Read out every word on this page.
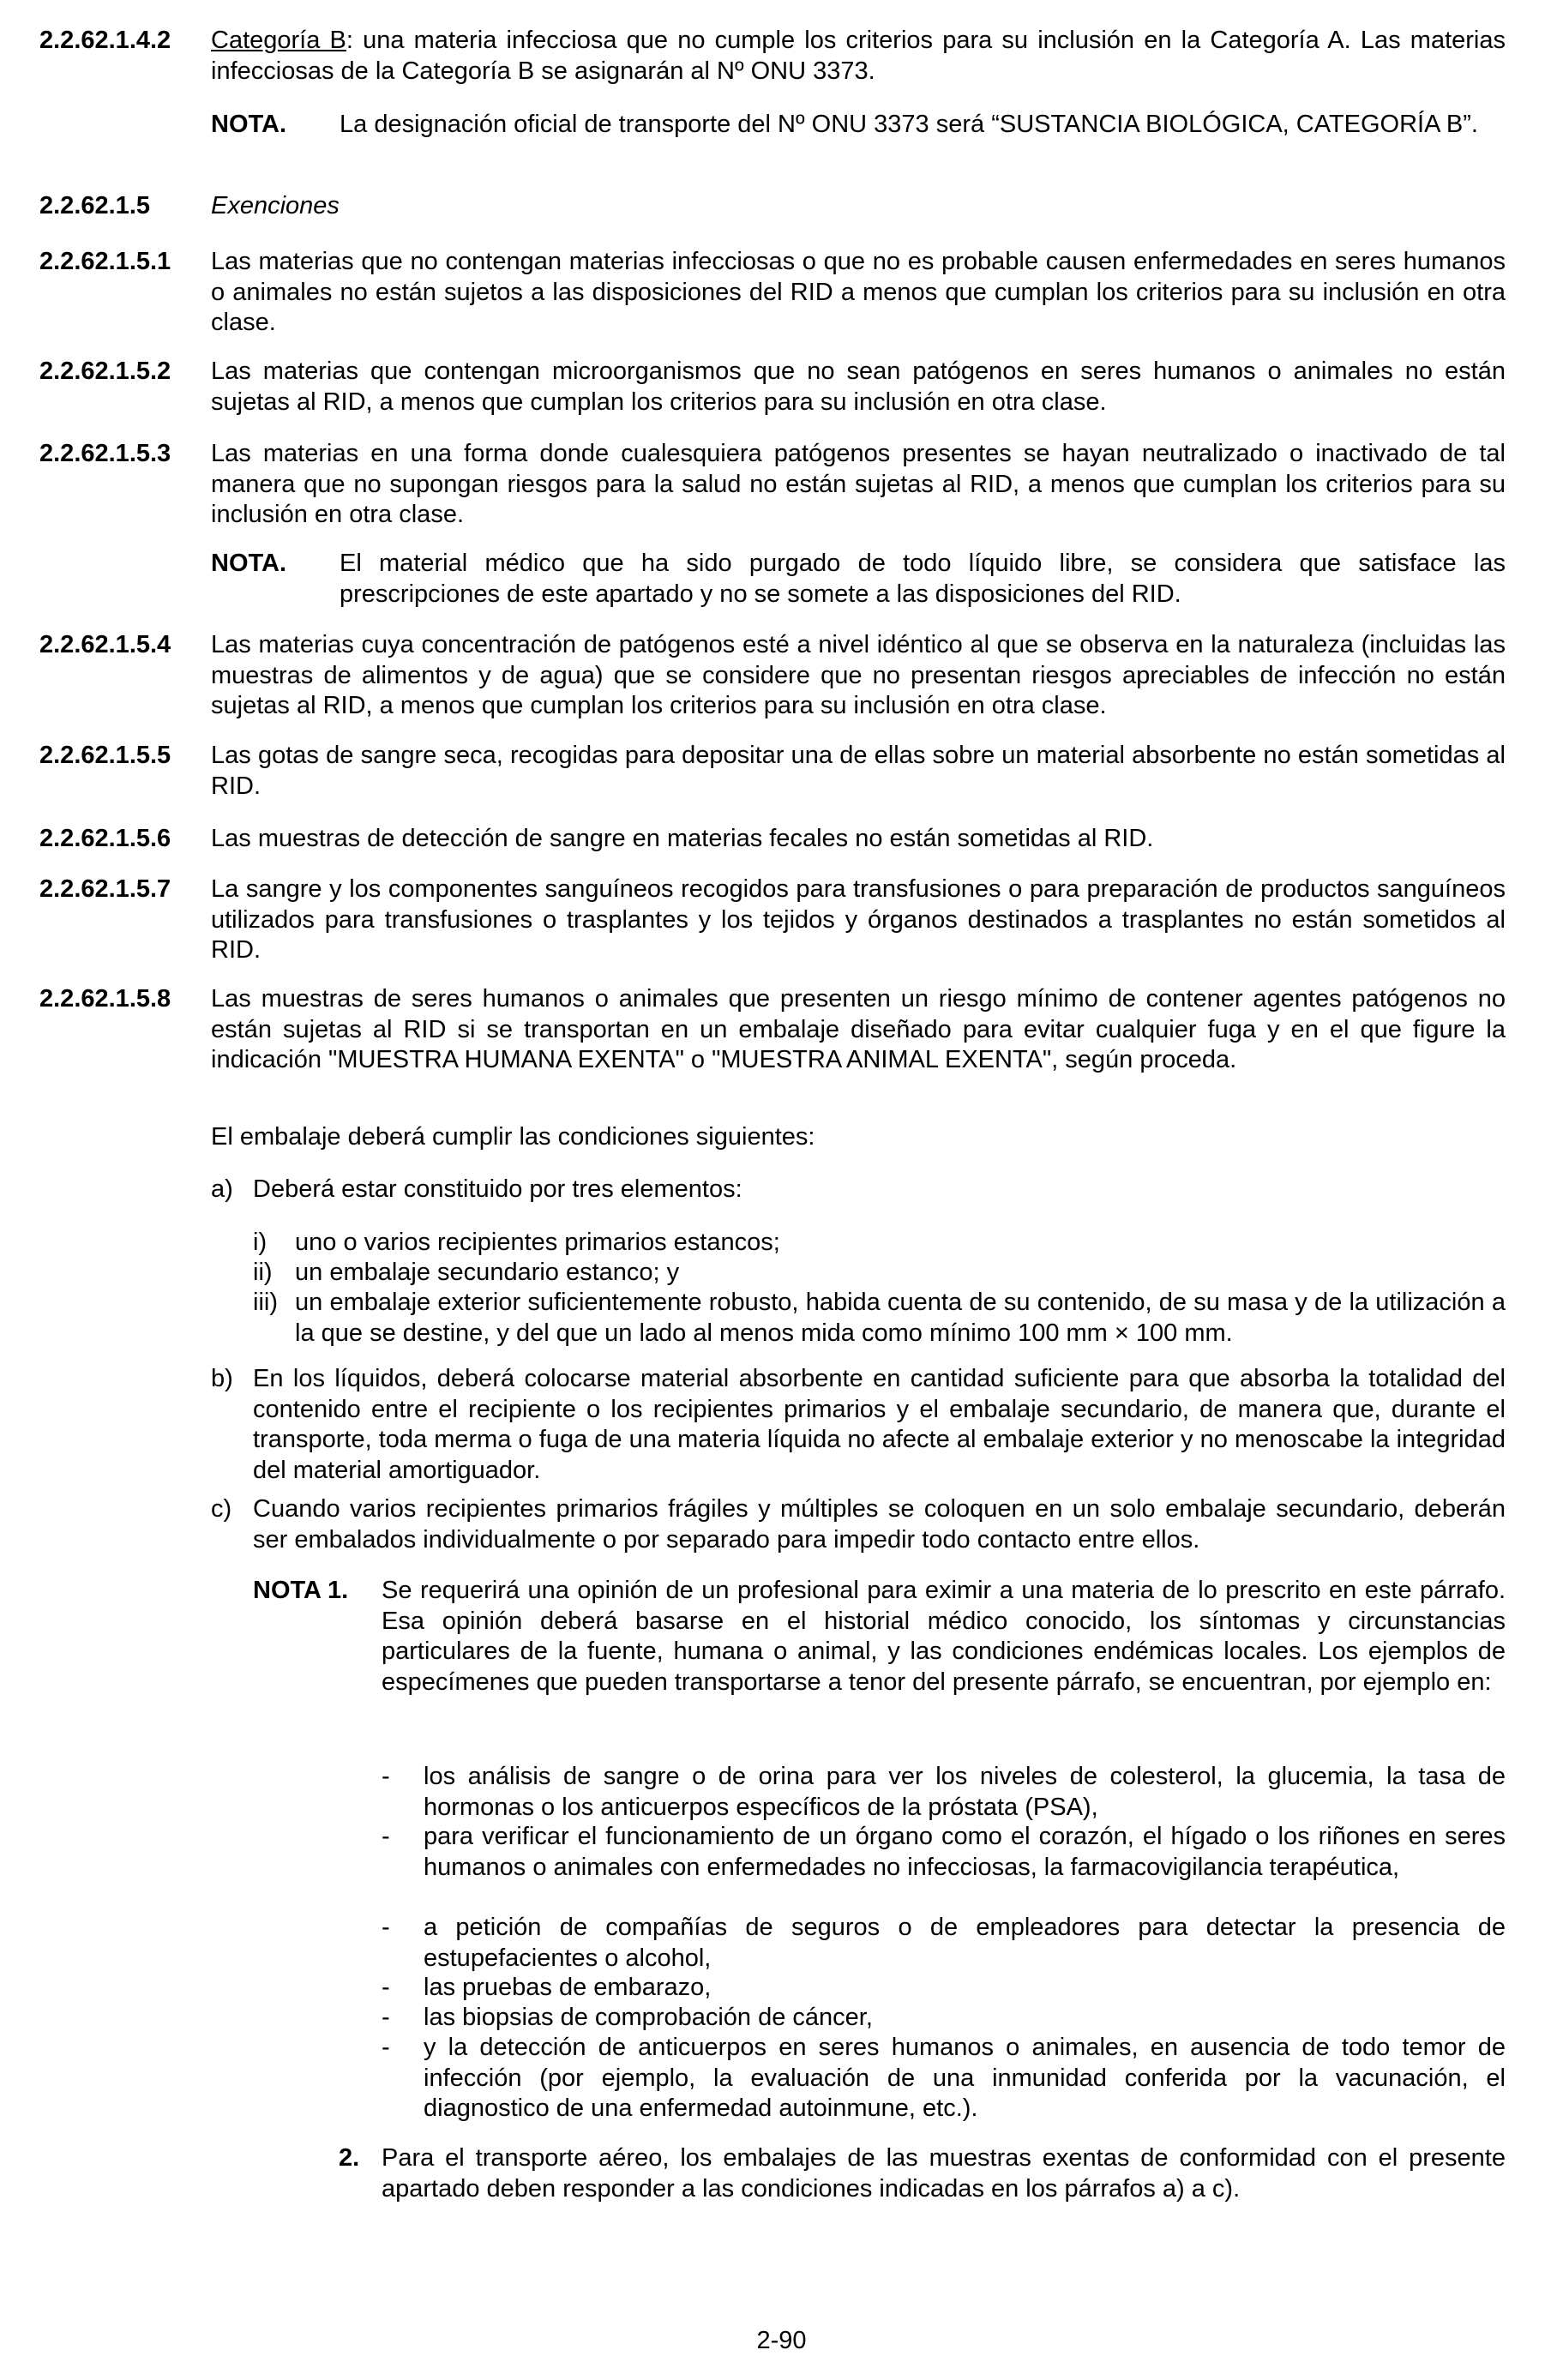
2.2.62.1.4.2 Categoría B: una materia infecciosa que no cumple los criterios para su inclusión en la Categoría A. Las materias infecciosas de la Categoría B se asignarán al Nº ONU 3373.
NOTA. La designación oficial de transporte del Nº ONU 3373 será “SUSTANCIA BIOLÓGICA, CATEGORÍA B”.
2.2.62.1.5 Exenciones
2.2.62.1.5.1 Las materias que no contengan materias infecciosas o que no es probable causen enfermedades en seres humanos o animales no están sujetos a las disposiciones del RID a menos que cumplan los criterios para su inclusión en otra clase.
2.2.62.1.5.2 Las materias que contengan microorganismos que no sean patógenos en seres humanos o animales no están sujetas al RID, a menos que cumplan los criterios para su inclusión en otra clase.
2.2.62.1.5.3 Las materias en una forma donde cualesquiera patógenos presentes se hayan neutralizado o inactivado de tal manera que no supongan riesgos para la salud no están sujetas al RID, a menos que cumplan los criterios para su inclusión en otra clase.
NOTA. El material médico que ha sido purgado de todo líquido libre, se considera que satisface las prescripciones de este apartado y no se somete a las disposiciones del RID.
2.2.62.1.5.4 Las materias cuya concentración de patógenos esté a nivel idéntico al que se observa en la naturaleza (incluidas las muestras de alimentos y de agua) que se considere que no presentan riesgos apreciables de infección no están sujetas al RID, a menos que cumplan los criterios para su inclusión en otra clase.
2.2.62.1.5.5 Las gotas de sangre seca, recogidas para depositar una de ellas sobre un material absorbente no están sometidas al RID.
2.2.62.1.5.6 Las muestras de detección de sangre en materias fecales no están sometidas al RID.
2.2.62.1.5.7 La sangre y los componentes sanguíneos recogidos para transfusiones o para preparación de productos sanguíneos utilizados para transfusiones o trasplantes y los tejidos y órganos destinados a trasplantes no están sometidos al RID.
2.2.62.1.5.8 Las muestras de seres humanos o animales que presenten un riesgo mínimo de contener agentes patógenos no están sujetas al RID si se transportan en un embalaje diseñado para evitar cualquier fuga y en el que figure la indicación "MUESTRA HUMANA EXENTA" o "MUESTRA ANIMAL EXENTA", según proceda.
El embalaje deberá cumplir las condiciones siguientes:
a) Deberá estar constituido por tres elementos:
i) uno o varios recipientes primarios estancos;
ii) un embalaje secundario estanco; y
iii) un embalaje exterior suficientemente robusto, habida cuenta de su contenido, de su masa y de la utilización a la que se destine, y del que un lado al menos mida como mínimo 100 mm × 100 mm.
b) En los líquidos, deberá colocarse material absorbente en cantidad suficiente para que absorba la totalidad del contenido entre el recipiente o los recipientes primarios y el embalaje secundario, de manera que, durante el transporte, toda merma o fuga de una materia líquida no afecte al embalaje exterior y no menoscabe la integridad del material amortiguador.
c) Cuando varios recipientes primarios frágiles y múltiples se coloquen en un solo embalaje secundario, deberán ser embalados individualmente o por separado para impedir todo contacto entre ellos.
NOTA 1. Se requerirá una opinión de un profesional para eximir a una materia de lo prescrito en este párrafo. Esa opinión deberá basarse en el historial médico conocido, los síntomas y circunstancias particulares de la fuente, humana o animal, y las condiciones endémicas locales. Los ejemplos de especímenes que pueden transportarse a tenor del presente párrafo, se encuentran, por ejemplo en:
- los análisis de sangre o de orina para ver los niveles de colesterol, la glucemia, la tasa de hormonas o los anticuerpos específicos de la próstata (PSA),
- para verificar el funcionamiento de un órgano como el corazón, el hígado o los riñones en seres humanos o animales con enfermedades no infecciosas, la farmacovigilancia terapéutica,
- a petición de compañías de seguros o de empleadores para detectar la presencia de estupefacientes o alcohol,
- las pruebas de embarazo,
- las biopsias de comprobación de cáncer,
- y la detección de anticuerpos en seres humanos o animales, en ausencia de todo temor de infección (por ejemplo, la evaluación de una inmunidad conferida por la vacunación, el diagnostico de una enfermedad autoinmune, etc.).
2. Para el transporte aéreo, los embalajes de las muestras exentas de conformidad con el presente apartado deben responder a las condiciones indicadas en los párrafos a) a c).
2-90
